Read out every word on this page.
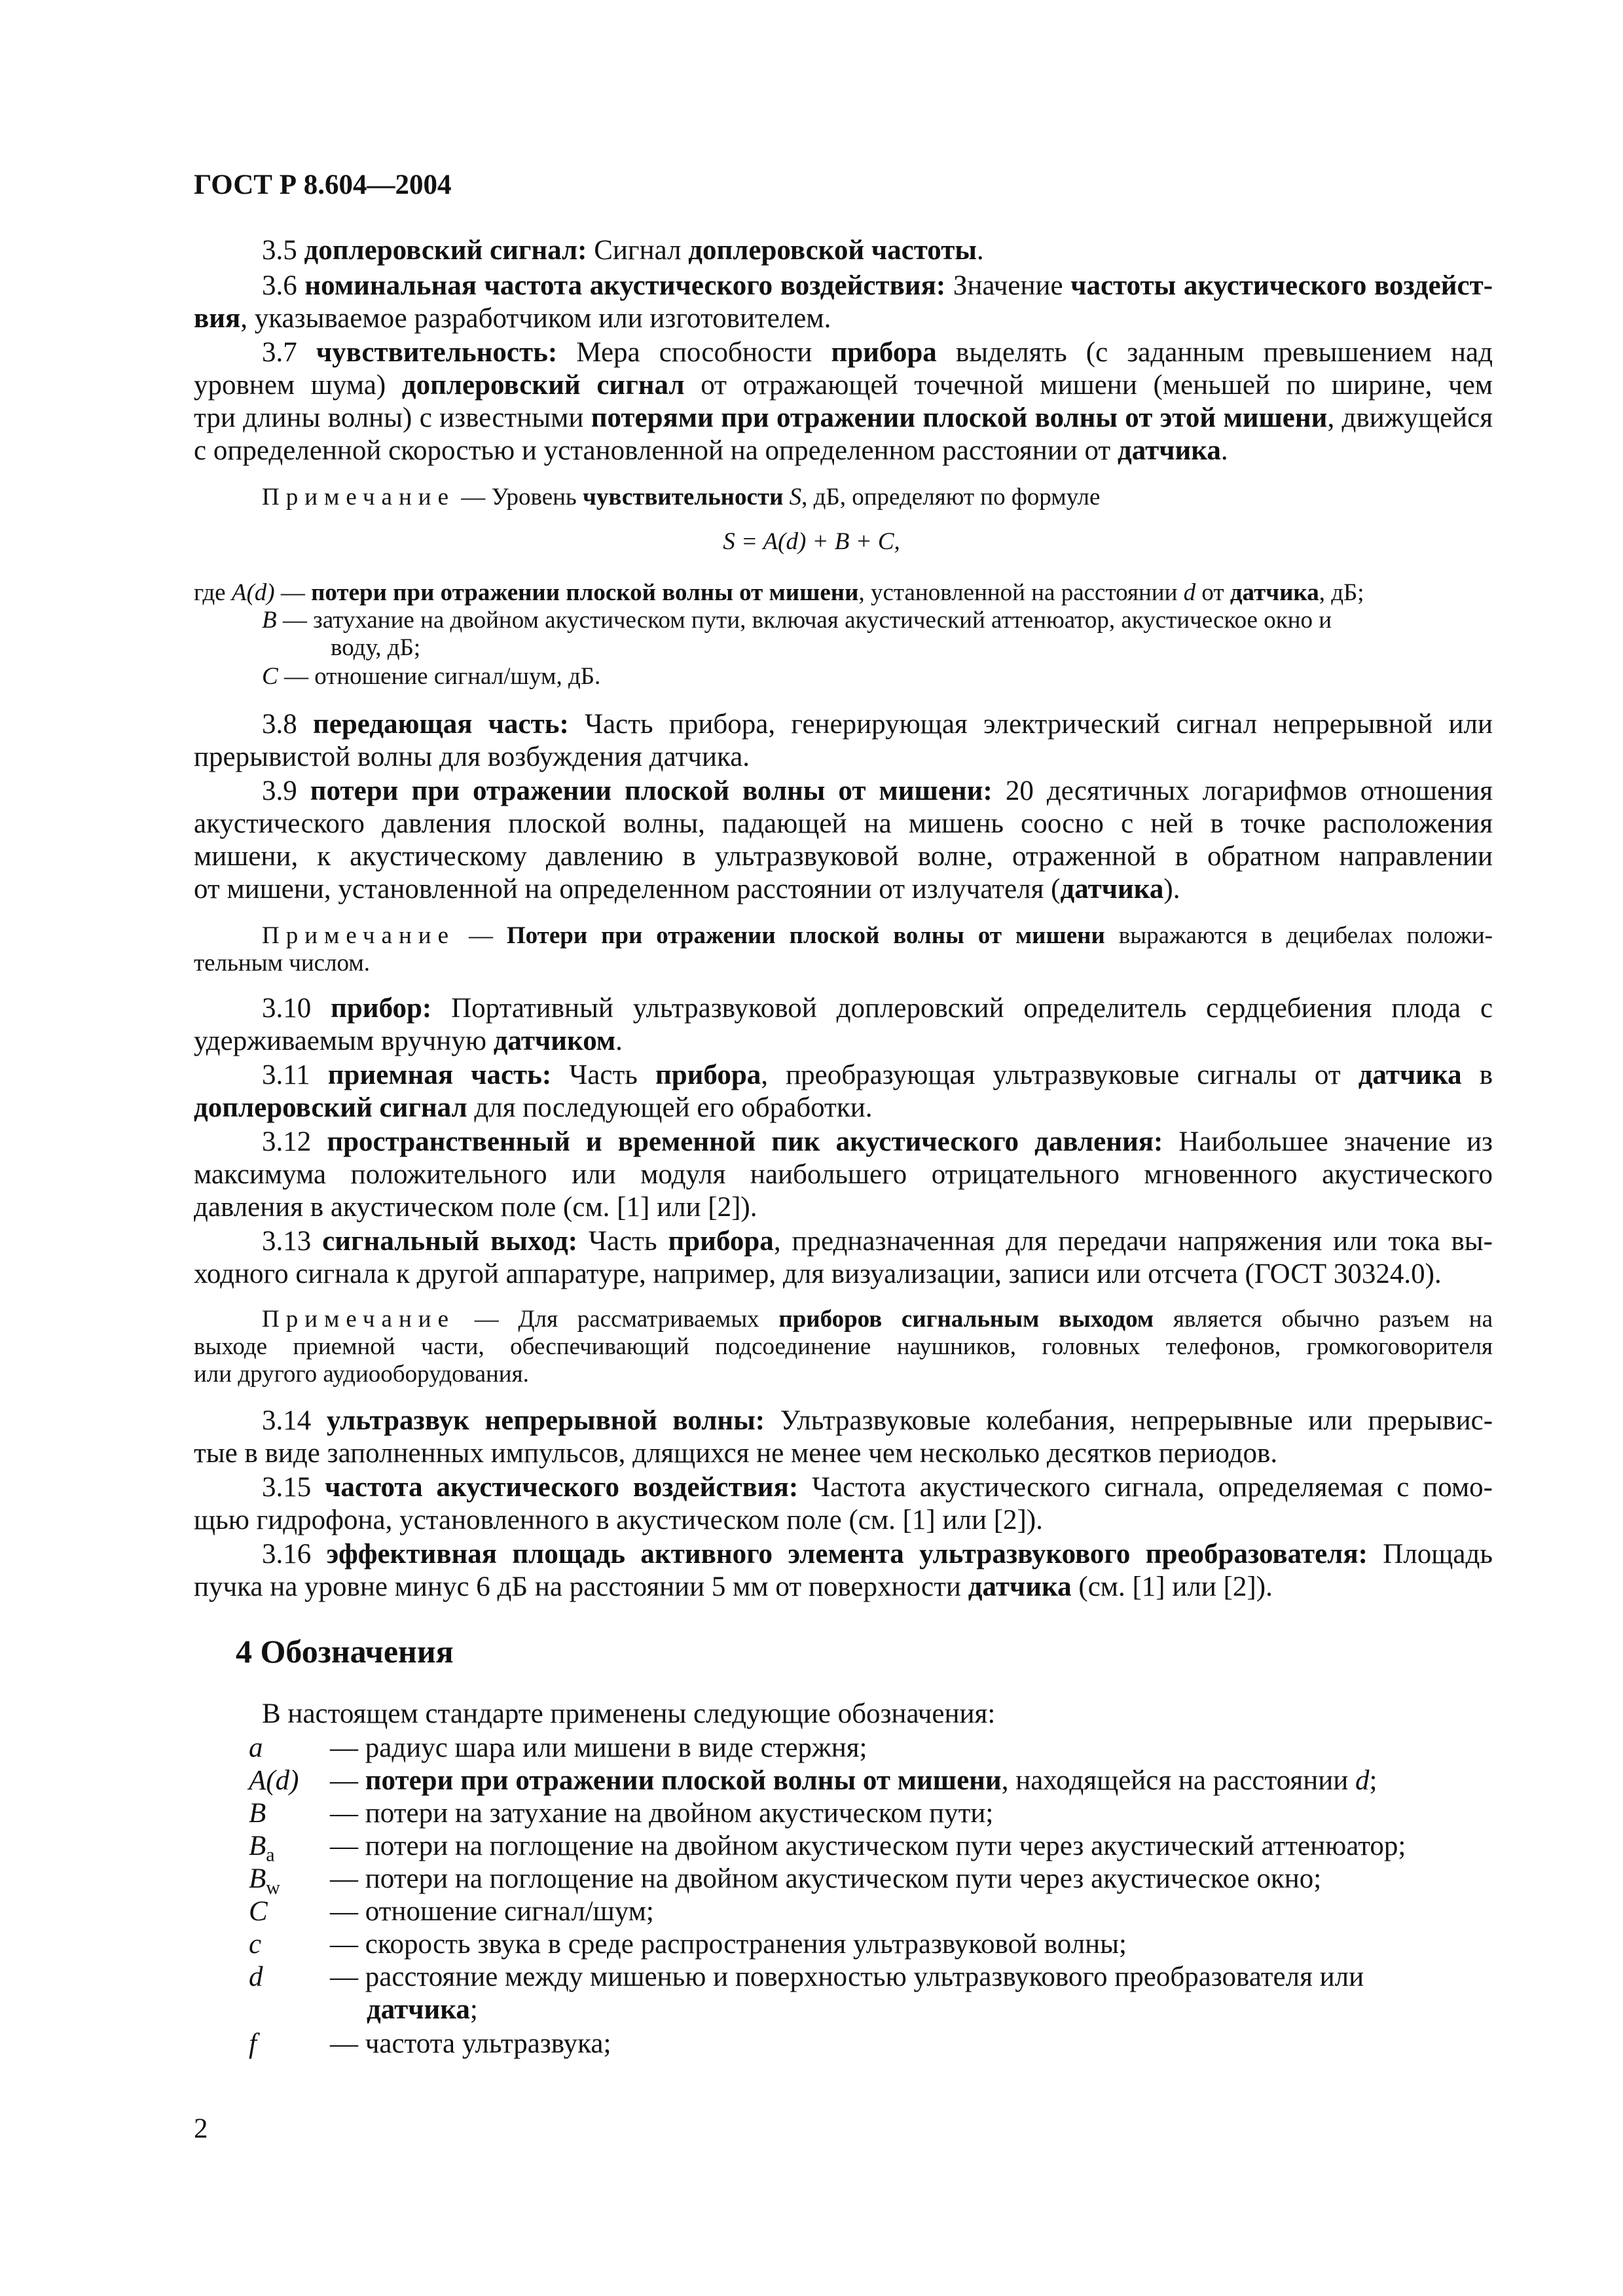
ГОСТ Р 8.604—2004
3.5 доплеровский сигнал: Сигнал доплеровской частоты.
3.6 номинальная частота акустического воздействия: Значение частоты акустического воздейст-
вия, указываемое разработчиком или изготовителем.
3.7 чувствительность: Мера способности прибора выделять (с заданным превышением над
уровнем шума) доплеровский сигнал от отражающей точечной мишени (меньшей по ширине, чем
три длины волны) с известными потерями при отражении плоской волны от этой мишени, движущейся
с определенной скоростью и установленной на определенном расстоянии от датчика.
Примечание — Уровень чувствительности S, дБ, определяют по формуле
S = A(d) + B + C,
где A(d) — потери при отражении плоской волны от мишени, установленной на расстоянии d от датчика, дБ;
B — затухание на двойном акустическом пути, включая акустический аттенюатор, акустическое окно и
воду, дБ;
C — отношение сигнал/шум, дБ.
3.8 передающая часть: Часть прибора, генерирующая электрический сигнал непрерывной или
прерывистой волны для возбуждения датчика.
3.9 потери при отражении плоской волны от мишени: 20 десятичных логарифмов отношения
акустического давления плоской волны, падающей на мишень соосно с ней в точке расположения
мишени, к акустическому давлению в ультразвуковой волне, отраженной в обратном направлении
от мишени, установленной на определенном расстоянии от излучателя (датчика).
Примечание — Потери при отражении плоской волны от мишени выражаются в децибелах положи-
тельным числом.
3.10 прибор: Портативный ультразвуковой доплеровский определитель сердцебиения плода с
удерживаемым вручную датчиком.
3.11 приемная часть: Часть прибора, преобразующая ультразвуковые сигналы от датчика в
доплеровский сигнал для последующей его обработки.
3.12 пространственный и временной пик акустического давления: Наибольшее значение из
максимума положительного или модуля наибольшего отрицательного мгновенного акустического
давления в акустическом поле (см. [1] или [2]).
3.13 сигнальный выход: Часть прибора, предназначенная для передачи напряжения или тока вы-
ходного сигнала к другой аппаратуре, например, для визуализации, записи или отсчета (ГОСТ 30324.0).
Примечание — Для рассматриваемых приборов сигнальным выходом является обычно разъем на
выходе приемной части, обеспечивающий подсоединение наушников, головных телефонов, громкоговорителя
или другого аудиооборудования.
3.14 ультразвук непрерывной волны: Ультразвуковые колебания, непрерывные или прерывис-
тые в виде заполненных импульсов, длящихся не менее чем несколько десятков периодов.
3.15 частота акустического воздействия: Частота акустического сигнала, определяемая с помо-
щью гидрофона, установленного в акустическом поле (см. [1] или [2]).
3.16 эффективная площадь активного элемента ультразвукового преобразователя: Площадь
пучка на уровне минус 6 дБ на расстоянии 5 мм от поверхности датчика (см. [1] или [2]).
4 Обозначения
В настоящем стандарте применены следующие обозначения:
a — радиус шара или мишени в виде стержня;
A(d) — потери при отражении плоской волны от мишени, находящейся на расстоянии d;
B — потери на затухание на двойном акустическом пути;
$B_a$ — потери на поглощение на двойном акустическом пути через акустический аттенюатор;
$B_w$ — потери на поглощение на двойном акустическом пути через акустическое окно;
C — отношение сигнал/шум;
c — скорость звука в среде распространения ультразвуковой волны;
d — расстояние между мишенью и поверхностью ультразвукового преобразователя или
датчика;
f	— частота ультразвука;
2
